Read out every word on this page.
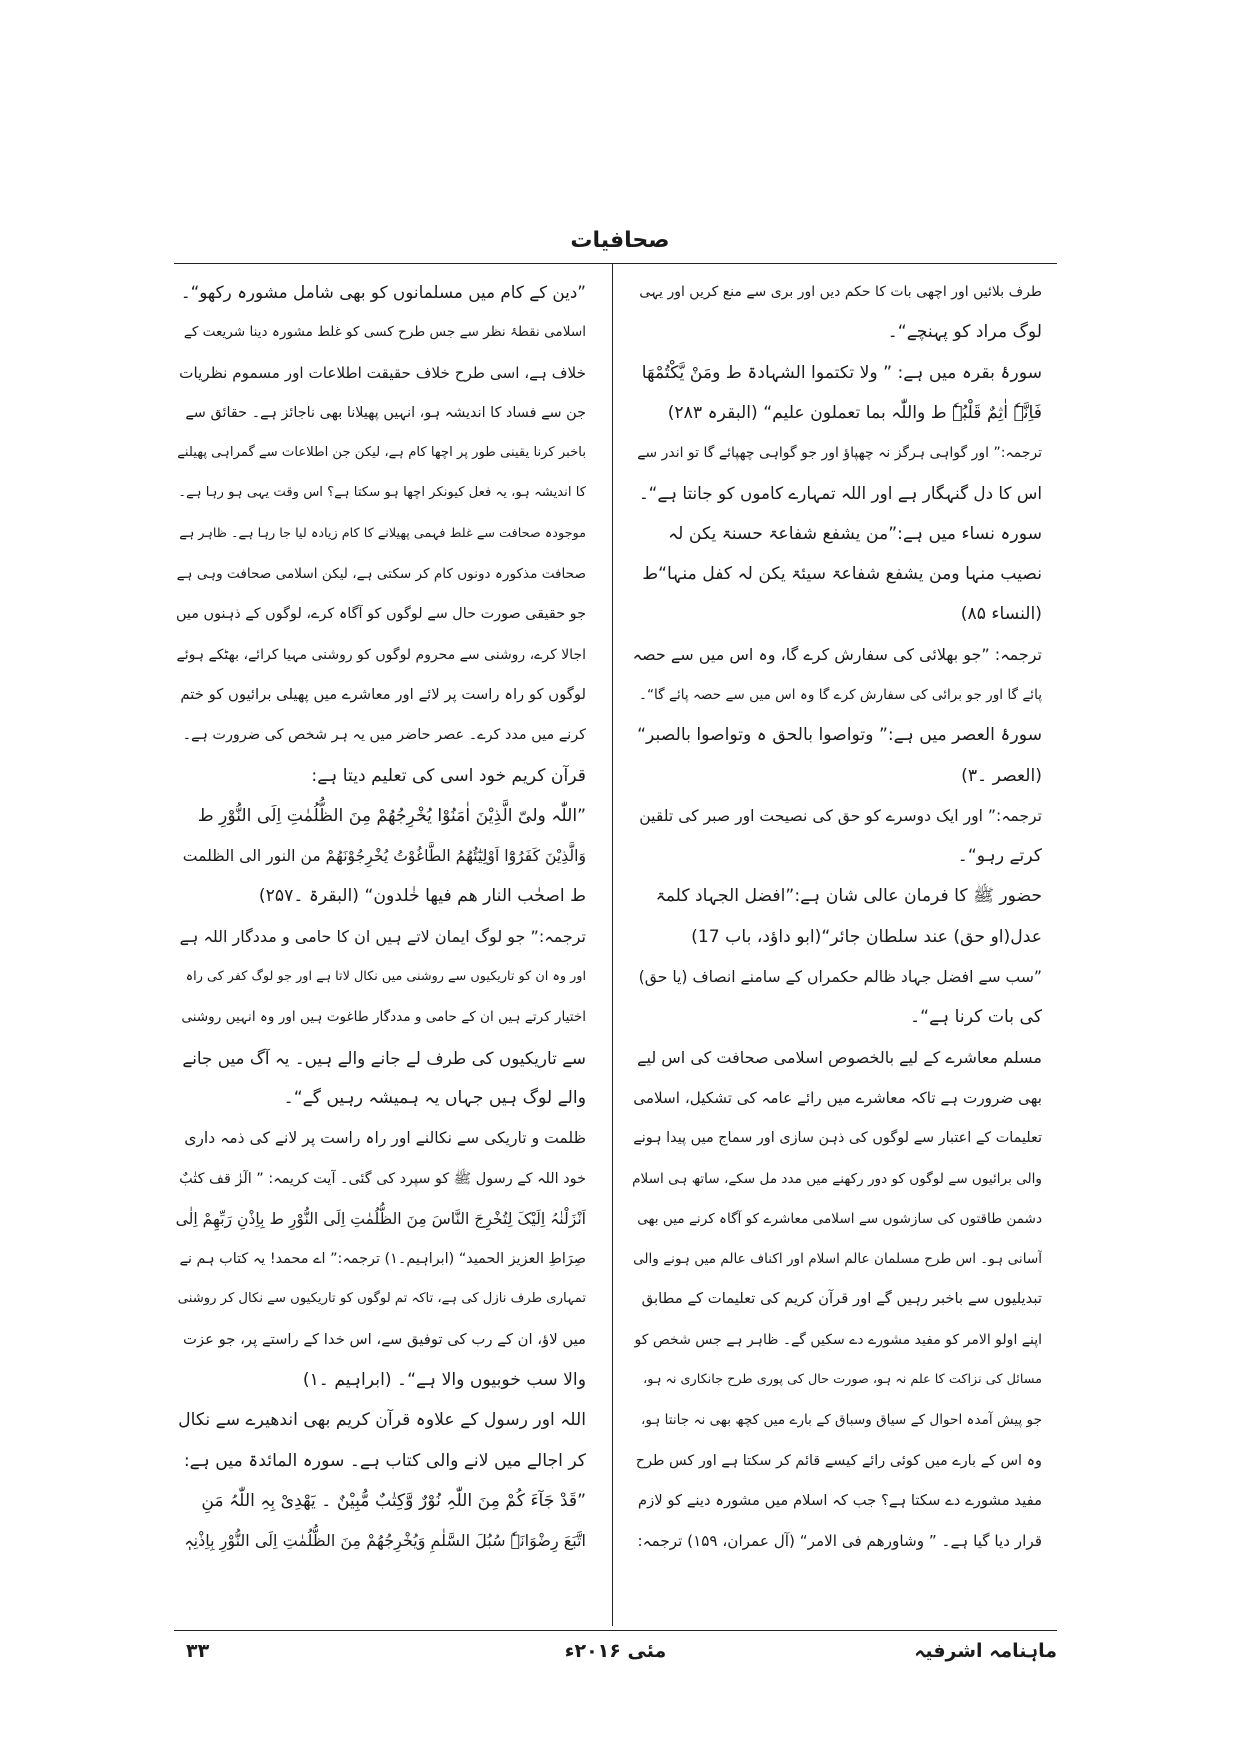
صحافیات
طرف بلائیں اور اچھی بات کا حکم دیں اور بری سے منع کریں اور یہی
لوگ مراد کو پہنچے“۔
سورۂ بقرہ میں ہے: ” ولا تکتموا الشہادۃ ط ومَنْ یَّکْتُمْھَا
فَاِنَّہٗ اٰثِمٌ قَلْبُہٗ ط واللّٰہ بما تعملون علیم“ (البقرہ ۲۸۳)
ترجمہ:” اور گواہی ہرگز نہ چھپاؤ اور جو گواہی چھپائے گا تو اندر سے
اس کا دل گنہگار ہے اور اللہ تمہارے کاموں کو جانتا ہے“۔
سورہ نساء میں ہے:”من یشفع شفاعۃ حسنۃ یکن لہ
نصیب منہا ومن یشفع شفاعۃ سیئۃ یکن لہ کفل منہا“ط
(النساء ۸۵)
ترجمہ: ”جو بھلائی کی سفارش کرے گا، وہ اس میں سے حصہ
پائے گا اور جو برائی کی سفارش کرے گا وہ اس میں سے حصہ پائے گا“۔
سورۂ العصر میں ہے:” وتواصوا بالحق ہ وتواصوا بالصبر“
(العصر ۔۳)
ترجمہ:” اور ایک دوسرے کو حق کی نصیحت اور صبر کی تلقین
کرتے رہو“۔
حضور ﷺ کا فرمان عالی شان ہے:”افضل الجہاد کلمۃ
عدل(او حق) عند سلطان جائر“(ابو داؤد، باب 17)
”سب سے افضل جہاد ظالم حکمراں کے سامنے انصاف (یا حق)
کی بات کرنا ہے“۔
مسلم معاشرے کے لیے بالخصوص اسلامی صحافت کی اس لیے
بھی ضرورت ہے تاکہ معاشرے میں رائے عامہ کی تشکیل، اسلامی
تعلیمات کے اعتبار سے لوگوں کی ذہن سازی اور سماج میں پیدا ہونے
والی برائیوں سے لوگوں کو دور رکھنے میں مدد مل سکے، ساتھ ہی اسلام
دشمن طاقتوں کی سازشوں سے اسلامی معاشرے کو آگاہ کرنے میں بھی
آسانی ہو۔ اس طرح مسلمان عالم اسلام اور اکناف عالم میں ہونے والی
تبدیلیوں سے باخبر رہیں گے اور قرآن کریم کی تعلیمات کے مطابق
اپنے اولو الامر کو مفید مشورے دے سکیں گے۔ ظاہر ہے جس شخص کو
مسائل کی نزاکت کا علم نہ ہو، صورت حال کی پوری طرح جانکاری نہ ہو،
جو پیش آمدہ احوال کے سیاق وسباق کے بارے میں کچھ بھی نہ جانتا ہو،
وہ اس کے بارے میں کوئی رائے کیسے قائم کر سکتا ہے اور کس طرح
مفید مشورے دے سکتا ہے؟ جب کہ اسلام میں مشورہ دینے کو لازم
قرار دیا گیا ہے۔ ” وشاورھم فی الامر“ (آل عمران، ۱۵۹) ترجمہ:
”دین کے کام میں مسلمانوں کو بھی شامل مشورہ رکھو“۔
اسلامی نقطۂ نظر سے جس طرح کسی کو غلط مشورہ دینا شریعت کے
خلاف ہے، اسی طرح خلاف حقیقت اطلاعات اور مسموم نظریات
جن سے فساد کا اندیشہ ہو، انہیں پھیلانا بھی ناجائز ہے۔ حقائق سے
باخبر کرنا یقینی طور پر اچھا کام ہے، لیکن جن اطلاعات سے گمراہی پھیلنے
کا اندیشہ ہو، یہ فعل کیونکر اچھا ہو سکتا ہے؟ اس وقت یہی ہو رہا ہے۔
موجودہ صحافت سے غلط فہمی پھیلانے کا کام زیادہ لیا جا رہا ہے۔ ظاہر ہے
صحافت مذکورہ دونوں کام کر سکتی ہے، لیکن اسلامی صحافت وہی ہے
جو حقیقی صورت حال سے لوگوں کو آگاہ کرے، لوگوں کے ذہنوں میں
اجالا کرے، روشنی سے محروم لوگوں کو روشنی مہیا کرائے، بھٹکے ہوئے
لوگوں کو راہ راست پر لائے اور معاشرے میں پھیلی برائیوں کو ختم
کرنے میں مدد کرے۔ عصر حاضر میں یہ ہر شخص کی ضرورت ہے۔
قرآن کریم خود اسی کی تعلیم دیتا ہے:
”اللّٰہ ولیّ الَّذِیْنَ اٰمَنُوْا یُخْرِجُھُمْ مِنَ الظُّلُمٰتِ اِلَی النُّوْرِ ط
وَالَّذِیْنَ کَفَرُوْٓا اَوْلِیٰٓئُھُمُ الطَّاغُوْتُ یُخْرِجُوْنَھُمْ من النور الی الظلمت
ط اصحٰب النار ھم فیھا خٰلدون“ (البقرۃ ۔۲۵۷)
ترجمہ:” جو لوگ ایمان لاتے ہیں ان کا حامی و مددگار اللہ ہے
اور وہ ان کو تاریکیوں سے روشنی میں نکال لاتا ہے اور جو لوگ کفر کی راہ
اختیار کرتے ہیں ان کے حامی و مددگار طاغوت ہیں اور وہ انہیں روشنی
سے تاریکیوں کی طرف لے جانے والے ہیں۔ یہ آگ میں جانے
والے لوگ ہیں جہاں یہ ہمیشہ رہیں گے“۔
ظلمت و تاریکی سے نکالنے اور راہ راست پر لانے کی ذمہ داری
خود اللہ کے رسول ﷺ کو سپرد کی گئی۔ آیت کریمہ: ” الٓرٰ قف کتٰبٌ
اَنْزَلْنٰہُ اِلَیْکَ لِتُخْرِجَ النَّاسَ مِنَ الظُّلُمٰتِ اِلَی النُّوْرِ ط بِاِذْنِ رَبِّھِمْ اِلٰی
صِرَاطِ العزیز الحمید“ (ابراہیم۔۱) ترجمہ:” اے محمد! یہ کتاب ہم نے
تمہاری طرف نازل کی ہے، تاکہ تم لوگوں کو تاریکیوں سے نکال کر روشنی
میں لاؤ، ان کے رب کی توفیق سے، اس خدا کے راستے پر، جو عزت
والا سب خوبیوں والا ہے“۔ (ابراہیم ۔۱)
اللہ اور رسول کے علاوہ قرآن کریم بھی اندھیرے سے نکال
کر اجالے میں لانے والی کتاب ہے۔ سورہ المائدۃ میں ہے:
”قَدْ جَآءَ کُمْ مِنَ اللّٰہِ نُوْرٌ وَّکِتٰبٌ مُّبِیْنٌ ۔ یَھْدِیْ بِہِ اللّٰہُ مَنِ
اتَّبَعَ رِضْوَانَہٗ سُبُلَ السَّلٰمِ وَیُخْرِجُھُمْ مِنَ الظُّلُمٰتِ اِلَی النُّوْرِ بِاِذْنِہٖ
ماہنامہ اشرفیہ
مئی ۲۰۱۶ء
۳۳
